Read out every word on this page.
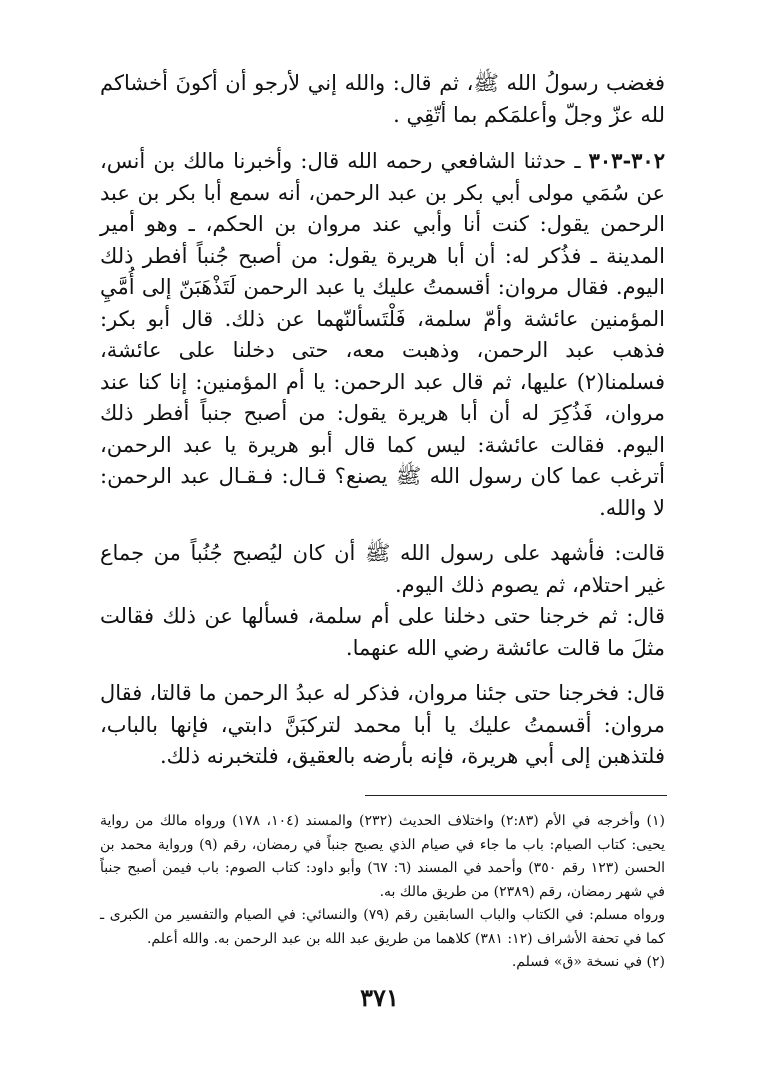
فغضب رسولُ الله ﷺ، ثم قال: والله إني لأرجو أن أكونَ أخشاكم لله عزّ وجلّ وأعلمَكم بما أتّقِي .

٣٠٢-٣٠٣ ـ حدثنا الشافعي رحمه الله قال: وأخبرنا مالك بن أنس، عن سُمَي مولى أبي بكر بن عبد الرحمن، أنه سمع أبا بكر بن عبد الرحمن يقول: كنت أنا وأبي عند مروان بن الحكم، ـ وهو أمير المدينة ـ فذُكر له: أن أبا هريرة يقول: من أصبح جُنباً أفطر ذلك اليوم. فقال مروان: أقسمتُ عليك يا عبد الرحمن لَتَذْهَبَنّ إلى أُمَّيِ المؤمنين عائشة وأمّ سلمة، فَلْتَسألنّهما عن ذلك. قال أبو بكر: فذهب عبد الرحمن، وذهبت معه، حتى دخلنا على عائشة، فسلمنا(٢) عليها، ثم قال عبد الرحمن: يا أم المؤمنين: إنا كنا عند مروان، فَذُكِرَ له أن أبا هريرة يقول: من أصبح جنباً أفطر ذلك اليوم. فقالت عائشة: ليس كما قال أبو هريرة يا عبد الرحمن، أترغب عما كان رسول الله ﷺ يصنع؟ قـال: فـقـال عبد الرحمن: لا والله.

قالت: فأشهد على رسول الله ﷺ أن كان ليُصبح جُنُباً من جماع غير احتلام، ثم يصوم ذلك اليوم.

قال: ثم خرجنا حتى دخلنا على أم سلمة، فسألها عن ذلك فقالت مثلَ ما قالت عائشة رضي الله عنهما.

قال: فخرجنا حتى جئنا مروان، فذكر له عبدُ الرحمن ما قالتا، فقال مروان: أقسمتُ عليك يا أبا محمد لتركبَنَّ دابتي، فإنها بالباب، فلتذهبن إلى أبي هريرة، فإنه بأرضه بالعقيق، فلتخبرنه ذلك.

(١) وأخرجه في الأم (٢:٨٣) واختلاف الحديث (٢٣٢) والمسند (١٠٤، ١٧٨) ورواه مالك من رواية يحيى: كتاب الصيام: باب ما جاء في صيام الذي يصبح جنباً في رمضان، رقم (٩) ورواية محمد بن الحسن (١٢٣ رقم ٣٥٠) وأحمد في المسند (٦: ٦٧) وأبو داود: كتاب الصوم: باب فيمن أصبح جنباً في شهر رمضان، رقم (٢٣٨٩) من طريق مالك به.

ورواه مسلم: في الكتاب والباب السابقين رقم (٧٩) والنسائي: في الصيام والتفسير من الكبرى ـ كما في تحفة الأشراف (١٢: ٣٨١) كلاهما من طريق عبد الله بن عبد الرحمن به. والله أعلم.

(٢) في نسخة «ق» فسلم.

٣٧١
